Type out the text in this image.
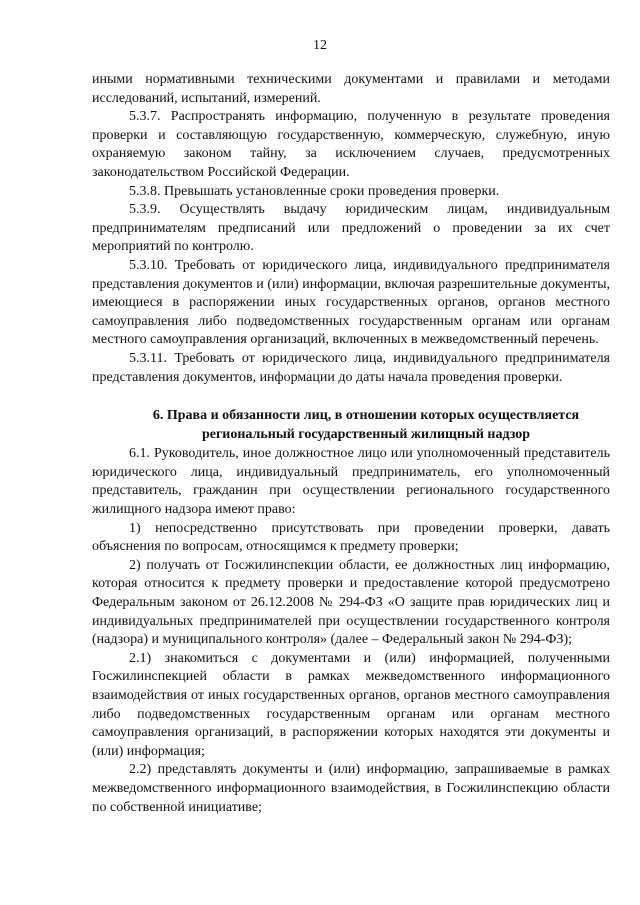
12

иными нормативными техническими документами и правилами и методами исследований, испытаний, измерений.

5.3.7. Распространять информацию, полученную в результате проведения проверки и составляющую государственную, коммерческую, служебную, иную охраняемую законом тайну, за исключением случаев, предусмотренных законодательством Российской Федерации.

5.3.8. Превышать установленные сроки проведения проверки.

5.3.9. Осуществлять выдачу юридическим лицам, индивидуальным предпринимателям предписаний или предложений о проведении за их счет мероприятий по контролю.

5.3.10. Требовать от юридического лица, индивидуального предпринимателя представления документов и (или) информации, включая разрешительные документы, имеющиеся в распоряжении иных государственных органов, органов местного самоуправления либо подведомственных государственным органам или органам местного самоуправления организаций, включенных в межведомственный перечень.

5.3.11. Требовать от юридического лица, индивидуального предпринимателя представления документов, информации до даты начала проведения проверки.

6. Права и обязанности лиц, в отношении которых осуществляется
региональный государственный жилищный надзор

6.1. Руководитель, иное должностное лицо или уполномоченный представитель юридического лица, индивидуальный предприниматель, его уполномоченный представитель, гражданин при осуществлении регионального государственного жилищного надзора имеют право:

1) непосредственно присутствовать при проведении проверки, давать объяснения по вопросам, относящимся к предмету проверки;

2) получать от Госжилинспекции области, ее должностных лиц информацию, которая относится к предмету проверки и предоставление которой предусмотрено Федеральным законом от 26.12.2008 № 294-ФЗ «О защите прав юридических лиц и индивидуальных предпринимателей при осуществлении государственного контроля (надзора) и муниципального контроля» (далее – Федеральный закон № 294-ФЗ);

2.1) знакомиться с документами и (или) информацией, полученными Госжилинспекцией области в рамках межведомственного информационного взаимодействия от иных государственных органов, органов местного самоуправления либо подведомственных государственным органам или органам местного самоуправления организаций, в распоряжении которых находятся эти документы и (или) информация;

2.2) представлять документы и (или) информацию, запрашиваемые в рамках межведомственного информационного взаимодействия, в Госжилинспекцию области по собственной инициативе;
